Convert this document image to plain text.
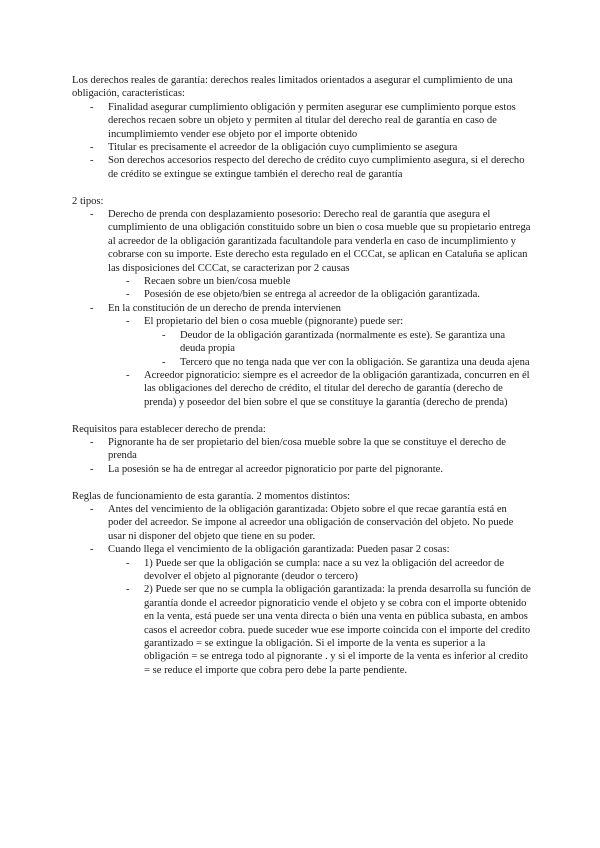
Los derechos reales de garantía: derechos reales limitados orientados a asegurar el cumplimiento de una obligación, características:

- Finalidad asegurar cumplimiento obligación y permiten asegurar ese cumplimiento porque estos derechos recaen sobre un objeto y permiten al titular del derecho real de garantía en caso de incumplimiemto vender ese objeto por el importe obtenido
- Titular es precisamente el acreedor de la obligación cuyo cumplimiento se asegura
- Son derechos accesorios respecto del derecho de crédito cuyo cumplimiento asegura, si el derecho de crédito se extingue se extingue también el derecho real de garantía

2 tipos:

- Derecho de prenda con desplazamiento posesorio: Derecho real de garantía que asegura el cumplimiento de una obligación constituido sobre un bien o cosa mueble que su propietario entrega al acreedor de la obligación garantizada facultandole para venderla en caso de incumplimiento y cobrarse con su importe. Este derecho esta regulado en el CCCat, se aplican en Cataluña se aplican las disposiciones del CCCat, se caracterizan por 2 causas
- Recaen sobre un bien/cosa mueble
- Posesión de ese objeto/bien se entrega al acreedor de la obligación garantizada.
- En la constitución de un derecho de prenda intervienen
- El propietario del bien o cosa mueble (pignorante) puede ser:
- Deudor de la obligación garantizada (normalmente es este). Se garantiza una deuda propia
- Tercero que no tenga nada que ver con la obligación. Se garantiza una deuda ajena
- Acreedor pignoraticio: siempre es el acreedor de la obligación garantizada, concurren en él las obligaciones del derecho de crédito, el titular del derecho de garantía (derecho de prenda) y poseedor del bien sobre el que se constituye la garantía (derecho de prenda)

Requisitos para establecer derecho de prenda:

- Pignorante ha de ser propietario del bien/cosa mueble sobre la que se constituye el derecho de prenda
- La posesión se ha de entregar al acreedor pignoraticio por parte del pignorante.

Reglas de funcionamiento de esta garantía. 2 momentos distintos:

- Antes del vencimiento de la obligación garantizada: Objeto sobre el que recae garantía está en poder del acreedor. Se impone al acreedor una obligación de conservación del objeto. No puede usar ni disponer del objeto que tiene en su poder.
- Cuando llega el vencimiento de la obligación garantizada: Pueden pasar 2 cosas:
- 1) Puede ser que la obligación se cumpla: nace a su vez la obligación del acreedor de devolver el objeto al pignorante (deudor o tercero)
- 2) Puede ser que no se cumpla la obligación garantizada: la prenda desarrolla su función de garantía donde el acreedor pignoraticio vende el objeto y se cobra con el importe obtenido en la venta, está puede ser una venta directa o bién una venta en pública subasta, en ambos casos el acreedor cobra. puede suceder wue ese importe coincida con el importe del credito garantizado = se extingue la obligación. Si el importe de la venta es superior a la obligación = se entrega todo al pignorante . y si el importe de la venta es inferior al credito = se reduce el importe que cobra pero debe la parte pendiente.
